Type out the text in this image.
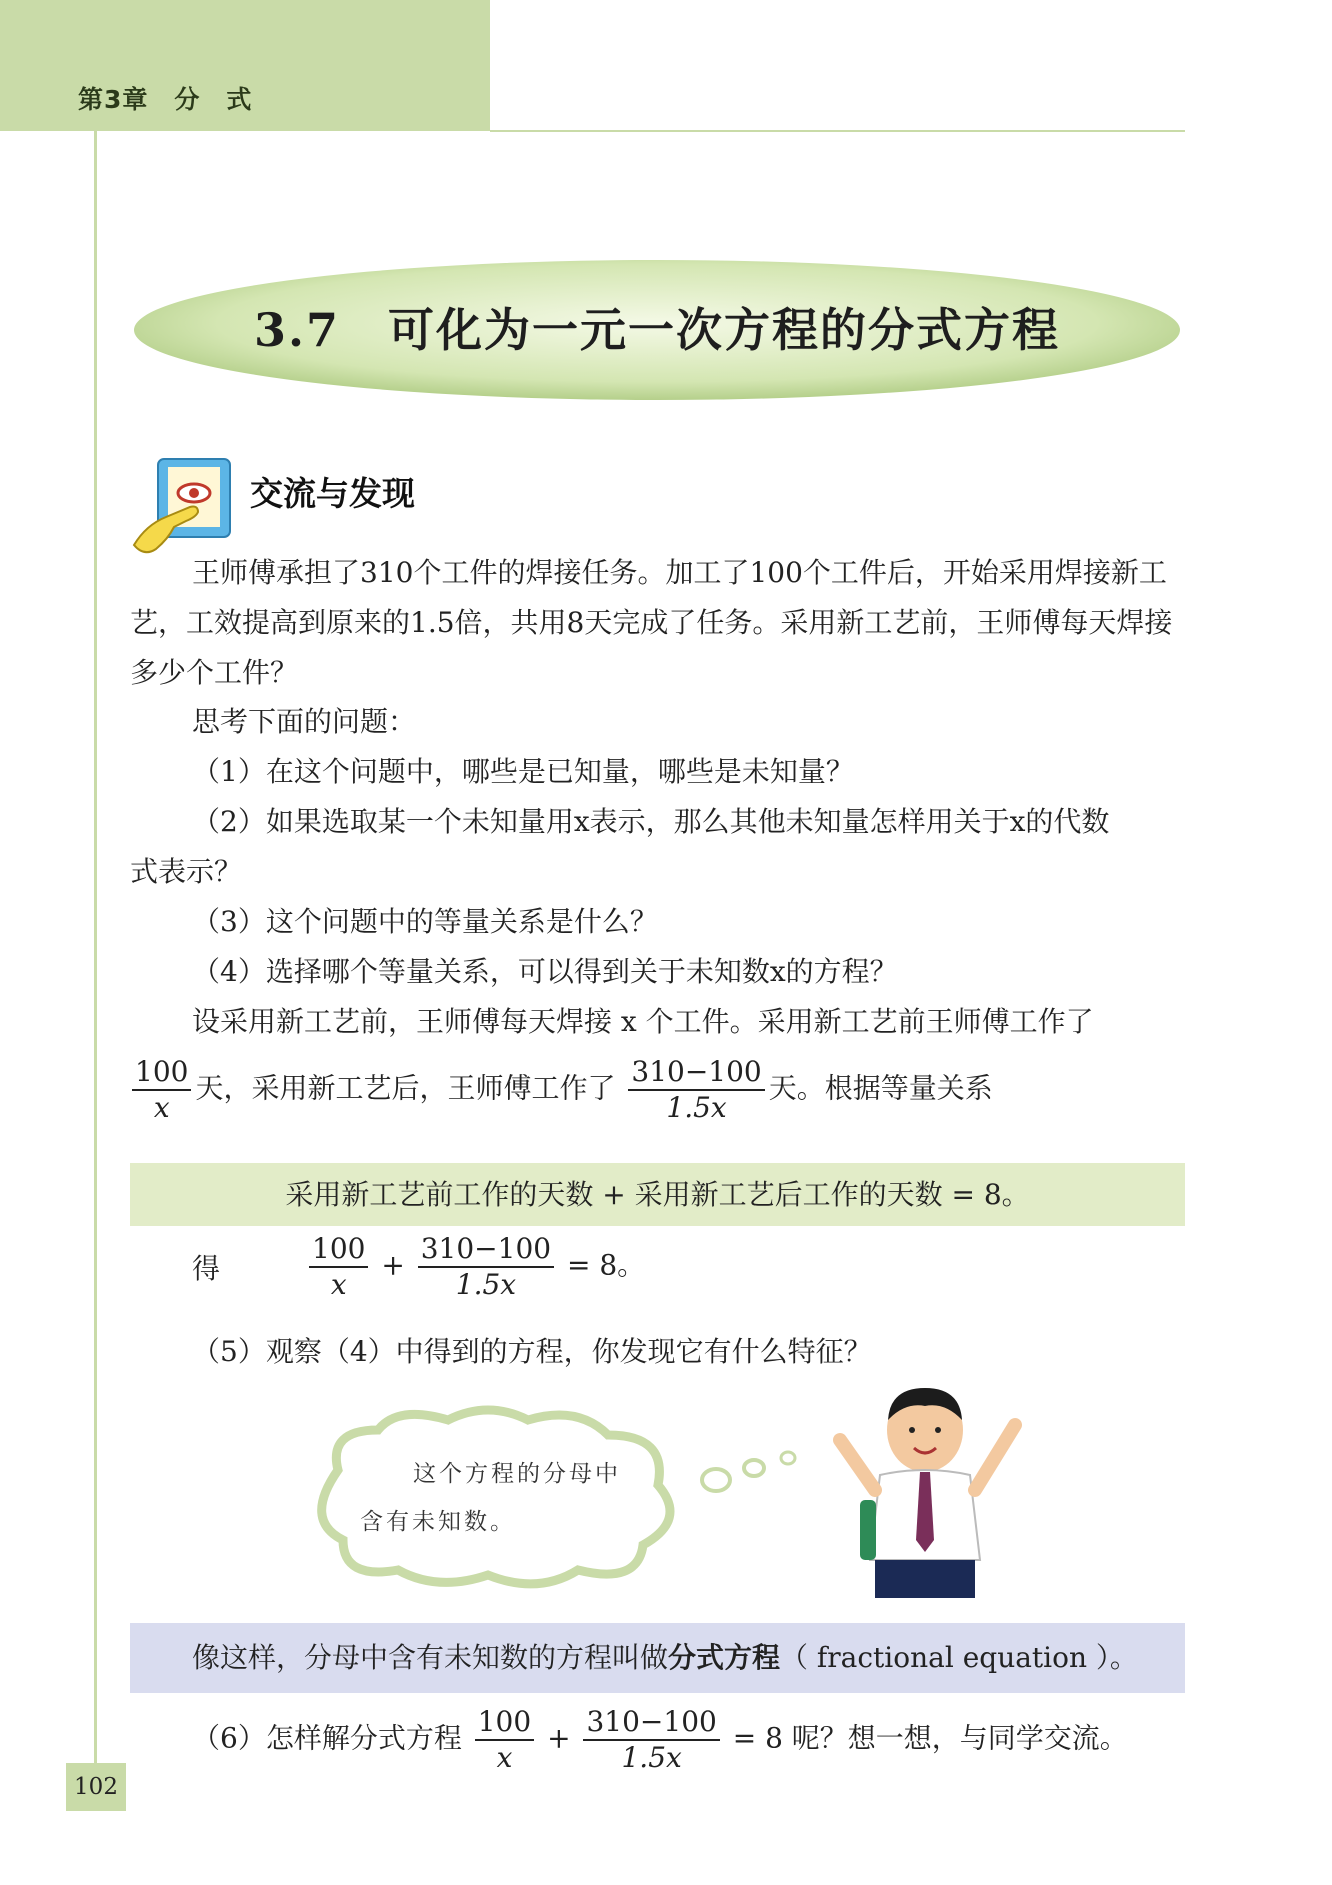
第3章　分　式
3.7　可化为一元一次方程的分式方程
交流与发现

王师傅承担了310个工件的焊接任务。加工了100个工件后，开始采用焊接新工艺，工效提高到原来的1.5倍，共用8天完成了任务。采用新工艺前，王师傅每天焊接多少个工件？

思考下面的问题：
（1）在这个问题中，哪些是已知量，哪些是未知量？
（2）如果选取某一个未知量用x表示，那么其他未知量怎样用关于x的代数
式表示？
（3）这个问题中的等量关系是什么？
（4）选择哪个等量关系，可以得到关于未知数x的方程？
设采用新工艺前，王师傅每天焊接 x 个工件。采用新工艺前王师傅工作了
$\frac{100}{x}$ 天，采用新工艺后，王师傅工作了 $\frac{310-100}{1.5x}$ 天。根据等量关系
采用新工艺前工作的天数 + 采用新工艺后工作的天数 = 8。
得	$\frac{100}{x} + \frac{310-100}{1.5x} = 8$。
（5）观察（4）中得到的方程，你发现它有什么特征？
这个方程的分母中
含有未知数。
像这样，分母中含有未知数的方程叫做分式方程（ fractional equation ）。
（6）怎样解分式方程 $\frac{100}{x} + \frac{310-100}{1.5x} = 8$ 呢？想一想，与同学交流。
102
